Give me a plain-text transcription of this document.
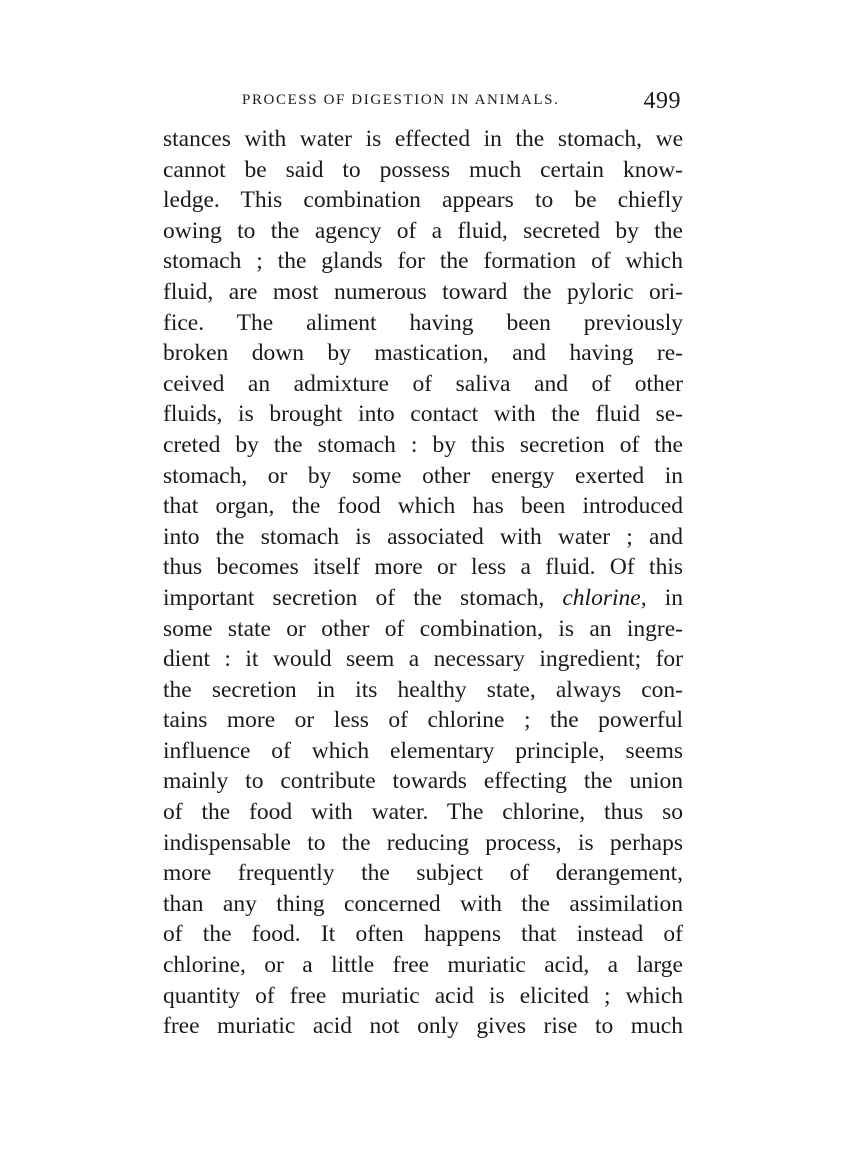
PROCESS OF DIGESTION IN ANIMALS.	499
stances with water is effected in the stomach, we
cannot be said to possess much certain know-
ledge. This combination appears to be chiefly
owing to the agency of a fluid, secreted by the
stomach ; the glands for the formation of which
fluid, are most numerous toward the pyloric ori-
fice. The aliment having been previously
broken down by mastication, and having re-
ceived an admixture of saliva and of other
fluids, is brought into contact with the fluid se-
creted by the stomach : by this secretion of the
stomach, or by some other energy exerted in
that organ, the food which has been introduced
into the stomach is associated with water ; and
thus becomes itself more or less a fluid. Of this
important secretion of the stomach, chlorine, in
some state or other of combination, is an ingre-
dient : it would seem a necessary ingredient; for
the secretion in its healthy state, always con-
tains more or less of chlorine ; the powerful
influence of which elementary principle, seems
mainly to contribute towards effecting the union
of the food with water. The chlorine, thus so
indispensable to the reducing process, is perhaps
more frequently the subject of derangement,
than any thing concerned with the assimilation
of the food. It often happens that instead of
chlorine, or a little free muriatic acid, a large
quantity of free muriatic acid is elicited ; which
free muriatic acid not only gives rise to much
